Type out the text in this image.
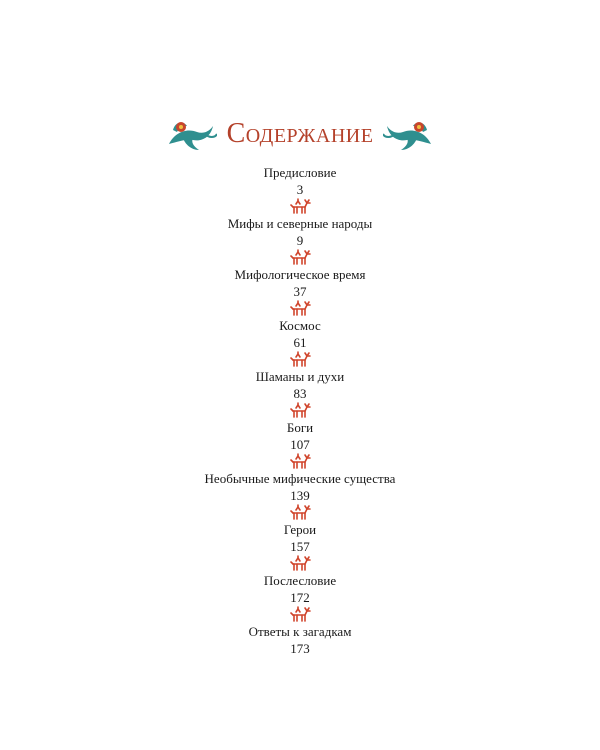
Содержание
Предисловие
3
Мифы и северные народы
9
Мифологическое время
37
Космос
61
Шаманы и духи
83
Боги
107
Необычные мифические существа
139
Герои
157
Послесловие
172
Ответы к загадкам
173
